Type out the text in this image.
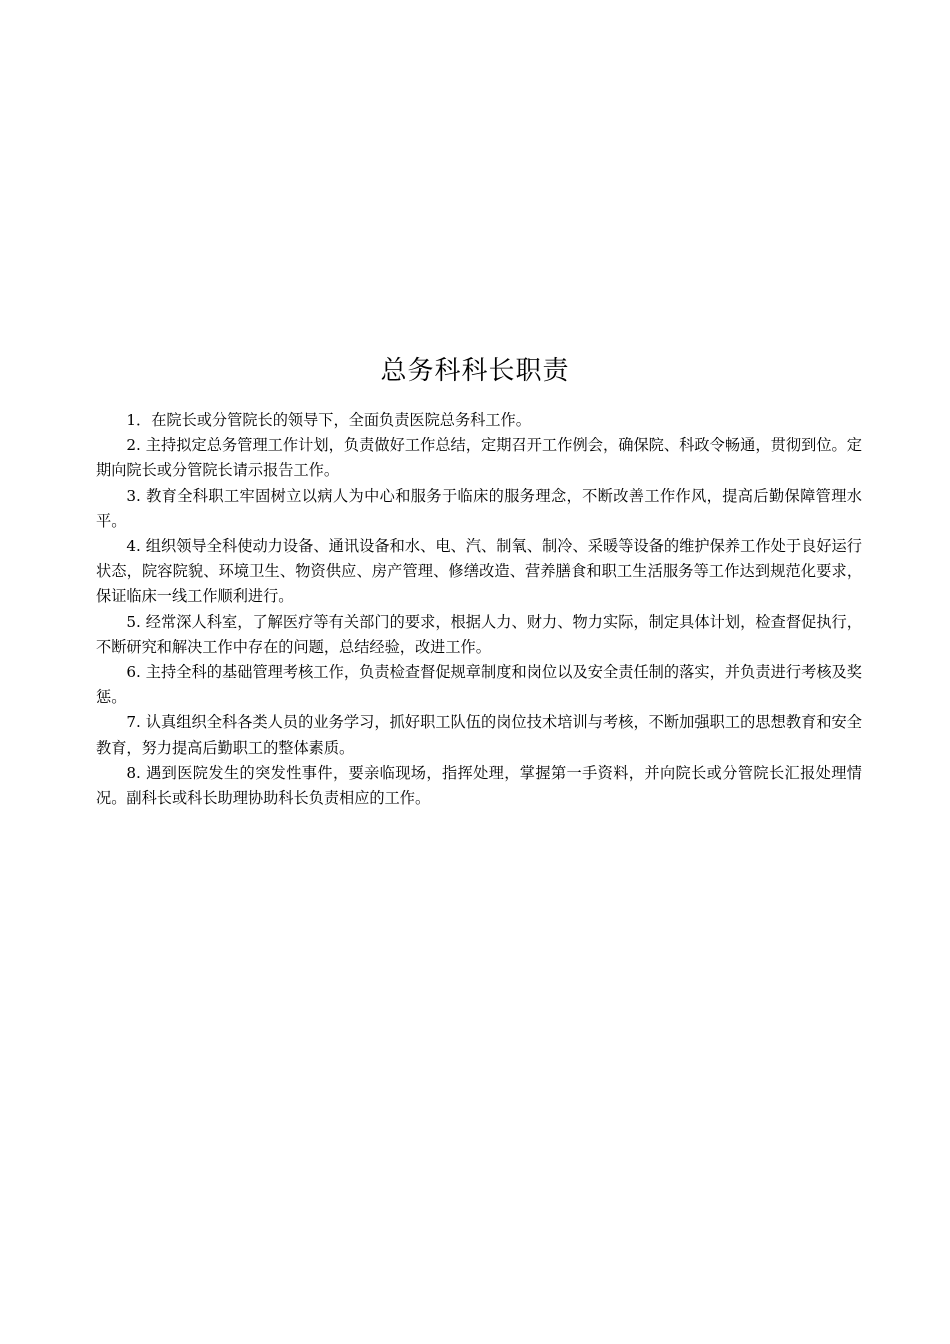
总务科科长职责

1．在院长或分管院长的领导下，全面负责医院总务科工作。

2. 主持拟定总务管理工作计划，负责做好工作总结，定期召开工作例会，确保院、科政令畅通，贯彻到位。定期向院长或分管院长请示报告工作。

3. 教育全科职工牢固树立以病人为中心和服务于临床的服务理念，不断改善工作作风，提高后勤保障管理水平。

4. 组织领导全科使动力设备、通讯设备和水、电、汽、制氧、制冷、采暖等设备的维护保养工作处于良好运行状态，院容院貌、环境卫生、物资供应、房产管理、修缮改造、营养膳食和职工生活服务等工作达到规范化要求，保证临床一线工作顺利进行。

5. 经常深人科室，了解医疗等有关部门的要求，根据人力、财力、物力实际，制定具体计划，检查督促执行，不断研究和解决工作中存在的问题，总结经验，改进工作。

6. 主持全科的基础管理考核工作，负责检查督促规章制度和岗位以及安全责任制的落实，并负责进行考核及奖惩。

7. 认真组织全科各类人员的业务学习，抓好职工队伍的岗位技术培训与考核，不断加强职工的思想教育和安全教育，努力提高后勤职工的整体素质。

8. 遇到医院发生的突发性事件，要亲临现场，指挥处理，掌握第一手资料，并向院长或分管院长汇报处理情况。副科长或科长助理协助科长负责相应的工作。
